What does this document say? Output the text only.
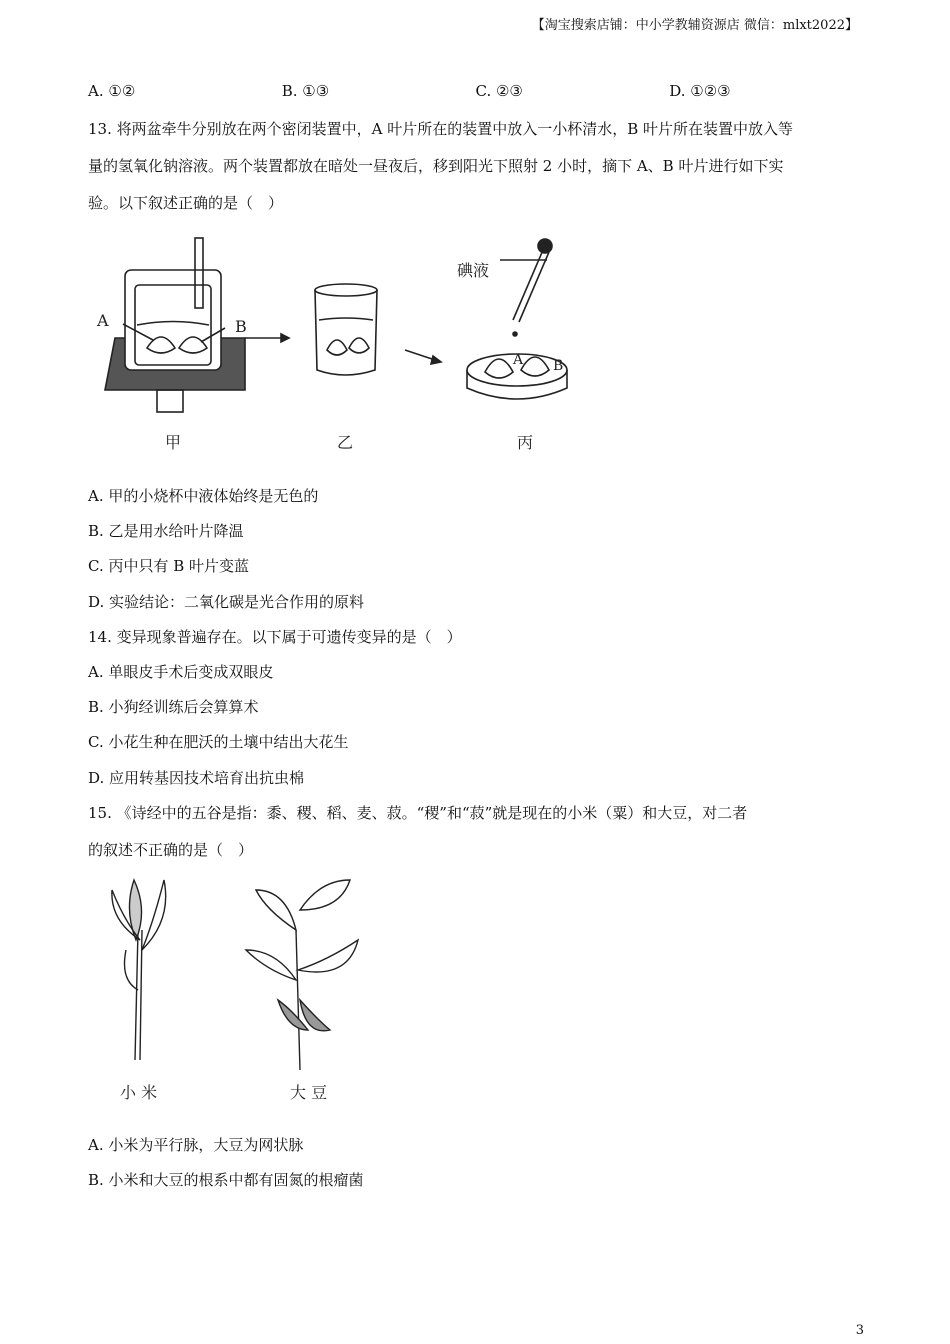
【淘宝搜索店铺：中小学教辅资源店 微信：mlxt2022】
A. ①②	B. ①③	C. ②③	D. ①②③
13. 将两盆牵牛分别放在两个密闭装置中，A 叶片所在的装置中放入一小杯清水，B 叶片所在装置中放入等
量的氢氧化钠溶液。两个装置都放在暗处一昼夜后，移到阳光下照射 2 小时，摘下 A、B 叶片进行如下实
验。以下叙述正确的是（　）
A. 甲的小烧杯中液体始终是无色的
B. 乙是用水给叶片降温
C. 丙中只有 B 叶片变蓝
D. 实验结论：二氧化碳是光合作用的原料
14. 变异现象普遍存在。以下属于可遗传变异的是（　）
A. 单眼皮手术后变成双眼皮
B. 小狗经训练后会算算术
C. 小花生种在肥沃的土壤中结出大花生
D. 应用转基因技术培育出抗虫棉
15. 《诗经中的五谷是指：黍、稷、稻、麦、菽。“稷”和“菽”就是现在的小米（粟）和大豆，对二者
的叙述不正确的是（　）
A. 小米为平行脉，大豆为网状脉
B. 小米和大豆的根系中都有固氮的根瘤菌
A	B
碘液
A B
甲	乙	丙
小 米	大 豆
3
